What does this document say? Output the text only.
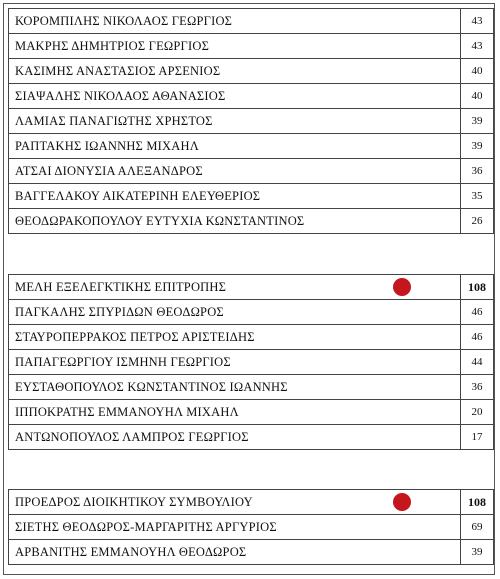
ΚΟΡΟΜΠΙΛΗΣ ΝΙΚΟΛΑΟΣ ΓΕΩΡΓΙΟΣ	43
ΜΑΚΡΗΣ ΔΗΜΗΤΡΙΟΣ ΓΕΩΡΓΙΟΣ	43
ΚΑΣΙΜΗΣ ΑΝΑΣΤΑΣΙΟΣ ΑΡΣΕΝΙΟΣ	40
ΣΙΑΨΑΛΗΣ ΝΙΚΟΛΑΟΣ ΑΘΑΝΑΣΙΟΣ	40
ΛΑΜΙΑΣ ΠΑΝΑΓΙΩΤΗΣ ΧΡΗΣΤΟΣ	39
ΡΑΠΤΑΚΗΣ ΙΩΑΝΝΗΣ ΜΙΧΑΗΛ	39
ΑΤΣΑΙ ΔΙΟΝΥΣΙΑ ΑΛΕΞΑΝΔΡΟΣ	36
ΒΑΓΓΕΛΑΚΟΥ ΑΙΚΑΤΕΡΙΝΗ ΕΛΕΥΘΕΡΙΟΣ	35
ΘΕΟΔΩΡΑΚΟΠΟΥΛΟΥ ΕΥΤΥΧΙΑ ΚΩΝΣΤΑΝΤΙΝΟΣ	26
ΜΕΛΗ ΕΞΕΛΕΓΚΤΙΚΗΣ ΕΠΙΤΡΟΠΗΣ	108
ΠΑΓΚΑΛΗΣ ΣΠΥΡΙΔΩΝ ΘΕΟΔΩΡΟΣ	46
ΣΤΑΥΡΟΠΕΡΡΑΚΟΣ ΠΕΤΡΟΣ ΑΡΙΣΤΕΙΔΗΣ	46
ΠΑΠΑΓΕΩΡΓΙΟΥ ΙΣΜΗΝΗ ΓΕΩΡΓΙΟΣ	44
ΕΥΣΤΑΘΟΠΟΥΛΟΣ ΚΩΝΣΤΑΝΤΙΝΟΣ ΙΩΑΝΝΗΣ	36
ΙΠΠΟΚΡΑΤΗΣ ΕΜΜΑΝΟΥΗΛ ΜΙΧΑΗΛ	20
ΑΝΤΩΝΟΠΟΥΛΟΣ ΛΑΜΠΡΟΣ ΓΕΩΡΓΙΟΣ	17
ΠΡΟΕΔΡΟΣ ΔΙΟΙΚΗΤΙΚΟΥ ΣΥΜΒΟΥΛΙΟΥ	108
ΣΙΕΤΗΣ ΘΕΟΔΩΡΟΣ-ΜΑΡΓΑΡΙΤΗΣ ΑΡΓΥΡΙΟΣ	69
ΑΡΒΑΝΙΤΗΣ ΕΜΜΑΝΟΥΗΛ ΘΕΟΔΩΡΟΣ	39
